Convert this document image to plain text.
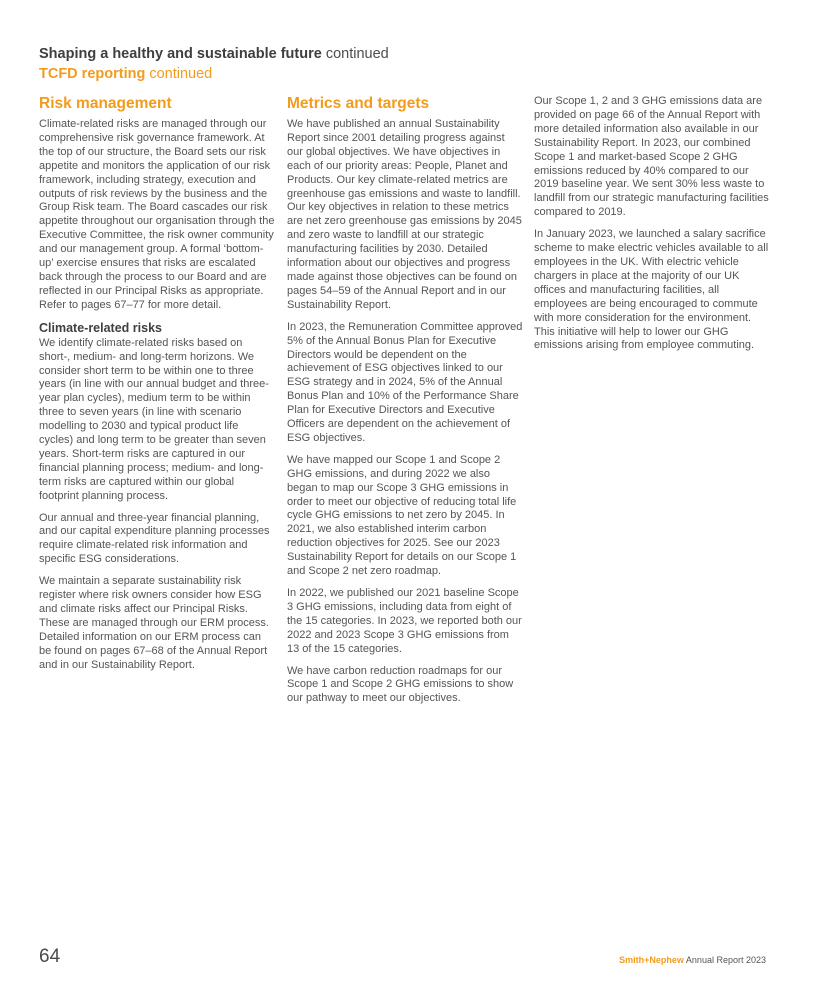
Shaping a healthy and sustainable future continued
TCFD reporting continued
Risk management

Climate-related risks are managed through our comprehensive risk governance framework. At the top of our structure, the Board sets our risk appetite and monitors the application of our risk framework, including strategy, execution and outputs of risk reviews by the business and the Group Risk team. The Board cascades our risk appetite throughout our organisation through the Executive Committee, the risk owner community and our management group. A formal ‘bottom-up’ exercise ensures that risks are escalated back through the process to our Board and are reflected in our Principal Risks as appropriate. Refer to pages 67–77 for more detail.

Climate-related risks

We identify climate-related risks based on short-, medium- and long-term horizons. We consider short term to be within one to three years (in line with our annual budget and three-year plan cycles), medium term to be within three to seven years (in line with scenario modelling to 2030 and typical product life cycles) and long term to be greater than seven years. Short-term risks are captured in our financial planning process; medium- and long-term risks are captured within our global footprint planning process.

Our annual and three-year financial planning, and our capital expenditure planning processes require climate-related risk information and specific ESG considerations.

We maintain a separate sustainability risk register where risk owners consider how ESG and climate risks affect our Principal Risks. These are managed through our ERM process. Detailed information on our ERM process can be found on pages 67–68 of the Annual Report and in our Sustainability Report.

Metrics and targets

We have published an annual Sustainability Report since 2001 detailing progress against our global objectives. We have objectives in each of our priority areas: People, Planet and Products. Our key climate-related metrics are greenhouse gas emissions and waste to landfill. Our key objectives in relation to these metrics are net zero greenhouse gas emissions by 2045 and zero waste to landfill at our strategic manufacturing facilities by 2030. Detailed information about our objectives and progress made against those objectives can be found on pages 54–59 of the Annual Report and in our Sustainability Report.

In 2023, the Remuneration Committee approved 5% of the Annual Bonus Plan for Executive Directors would be dependent on the achievement of ESG objectives linked to our ESG strategy and in 2024, 5% of the Annual Bonus Plan and 10% of the Performance Share Plan for Executive Directors and Executive Officers are dependent on the achievement of ESG objectives.

We have mapped our Scope 1 and Scope 2 GHG emissions, and during 2022 we also began to map our Scope 3 GHG emissions in order to meet our objective of reducing total life cycle GHG emissions to net zero by 2045. In 2021, we also established interim carbon reduction objectives for 2025. See our 2023 Sustainability Report for details on our Scope 1 and Scope 2 net zero roadmap.

In 2022, we published our 2021 baseline Scope 3 GHG emissions, including data from eight of the 15 categories. In 2023, we reported both our 2022 and 2023 Scope 3 GHG emissions from 13 of the 15 categories.

We have carbon reduction roadmaps for our Scope 1 and Scope 2 GHG emissions to show our pathway to meet our objectives.

Our Scope 1, 2 and 3 GHG emissions data are provided on page 66 of the Annual Report with more detailed information also available in our Sustainability Report. In 2023, our combined Scope 1 and market-based Scope 2 GHG emissions reduced by 40% compared to our 2019 baseline year. We sent 30% less waste to landfill from our strategic manufacturing facilities compared to 2019.

In January 2023, we launched a salary sacrifice scheme to make electric vehicles available to all employees in the UK. With electric vehicle chargers in place at the majority of our UK offices and manufacturing facilities, all employees are being encouraged to commute with more consideration for the environment. This initiative will help to lower our GHG emissions arising from employee commuting.

64	Smith+Nephew Annual Report 2023
